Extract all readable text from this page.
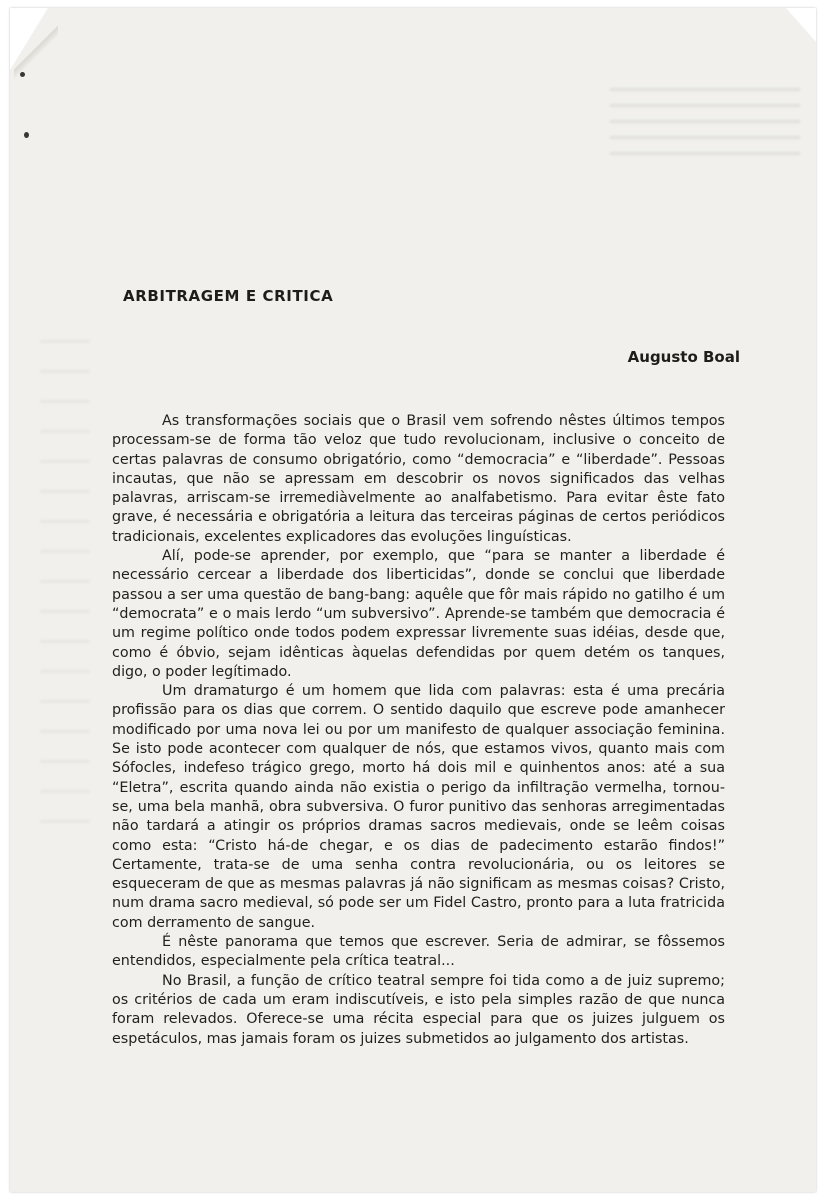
ARBITRAGEM E CRITICA
Augusto Boal

As transformações sociais que o Brasil vem sofrendo nêstes últimos tempos processam-se de forma tão veloz que tudo revolucionam, inclusive o conceito de certas palavras de consumo obrigatório, como “democracia” e “liberdade”. Pessoas incautas, que não se apressam em descobrir os novos significados das velhas palavras, arriscam-se irremediàvelmente ao analfabetismo. Para evitar êste fato grave, é necessária e obrigatória a leitura das terceiras páginas de certos periódicos tradicionais, excelentes explicadores das evoluções linguísticas.

Alí, pode-se aprender, por exemplo, que “para se manter a liberdade é necessário cercear a liberdade dos liberticidas”, donde se conclui que liberdade passou a ser uma questão de bang-bang: aquêle que fôr mais rápido no gatilho é um “democrata” e o mais lerdo “um subversivo”. Aprende-se também que democracia é um regime político onde todos podem expressar livremente suas idéias, desde que, como é óbvio, sejam idênticas àquelas defendidas por quem detém os tanques, digo, o poder legítimado.

Um dramaturgo é um homem que lida com palavras: esta é uma precária profissão para os dias que correm. O sentido daquilo que escreve pode amanhecer modificado por uma nova lei ou por um manifesto de qualquer associação feminina. Se isto pode acontecer com qualquer de nós, que estamos vivos, quanto mais com Sófocles, indefeso trágico grego, morto há dois mil e quinhentos anos: até a sua “Eletra”, escrita quando ainda não existia o perigo da infiltração vermelha, tornou-se, uma bela manhã, obra subversiva. O furor punitivo das senhoras arregimentadas não tardará a atingir os próprios dramas sacros medievais, onde se leêm coisas como esta: “Cristo há-de chegar, e os dias de padecimento estarão findos!” Certamente, trata-se de uma senha contra revolucionária, ou os leitores se esqueceram de que as mesmas palavras já não significam as mesmas coisas? Cristo, num drama sacro medieval, só pode ser um Fidel Castro, pronto para a luta fratricida com derramento de sangue.

É nêste panorama que temos que escrever. Seria de admirar, se fôssemos entendidos, especialmente pela crítica teatral...

No Brasil, a função de crítico teatral sempre foi tida como a de juiz supremo; os critérios de cada um eram indiscutíveis, e isto pela simples razão de que nunca foram relevados. Oferece-se uma récita especial para que os juizes julguem os espetáculos, mas jamais foram os juizes submetidos ao julgamento dos artistas.
